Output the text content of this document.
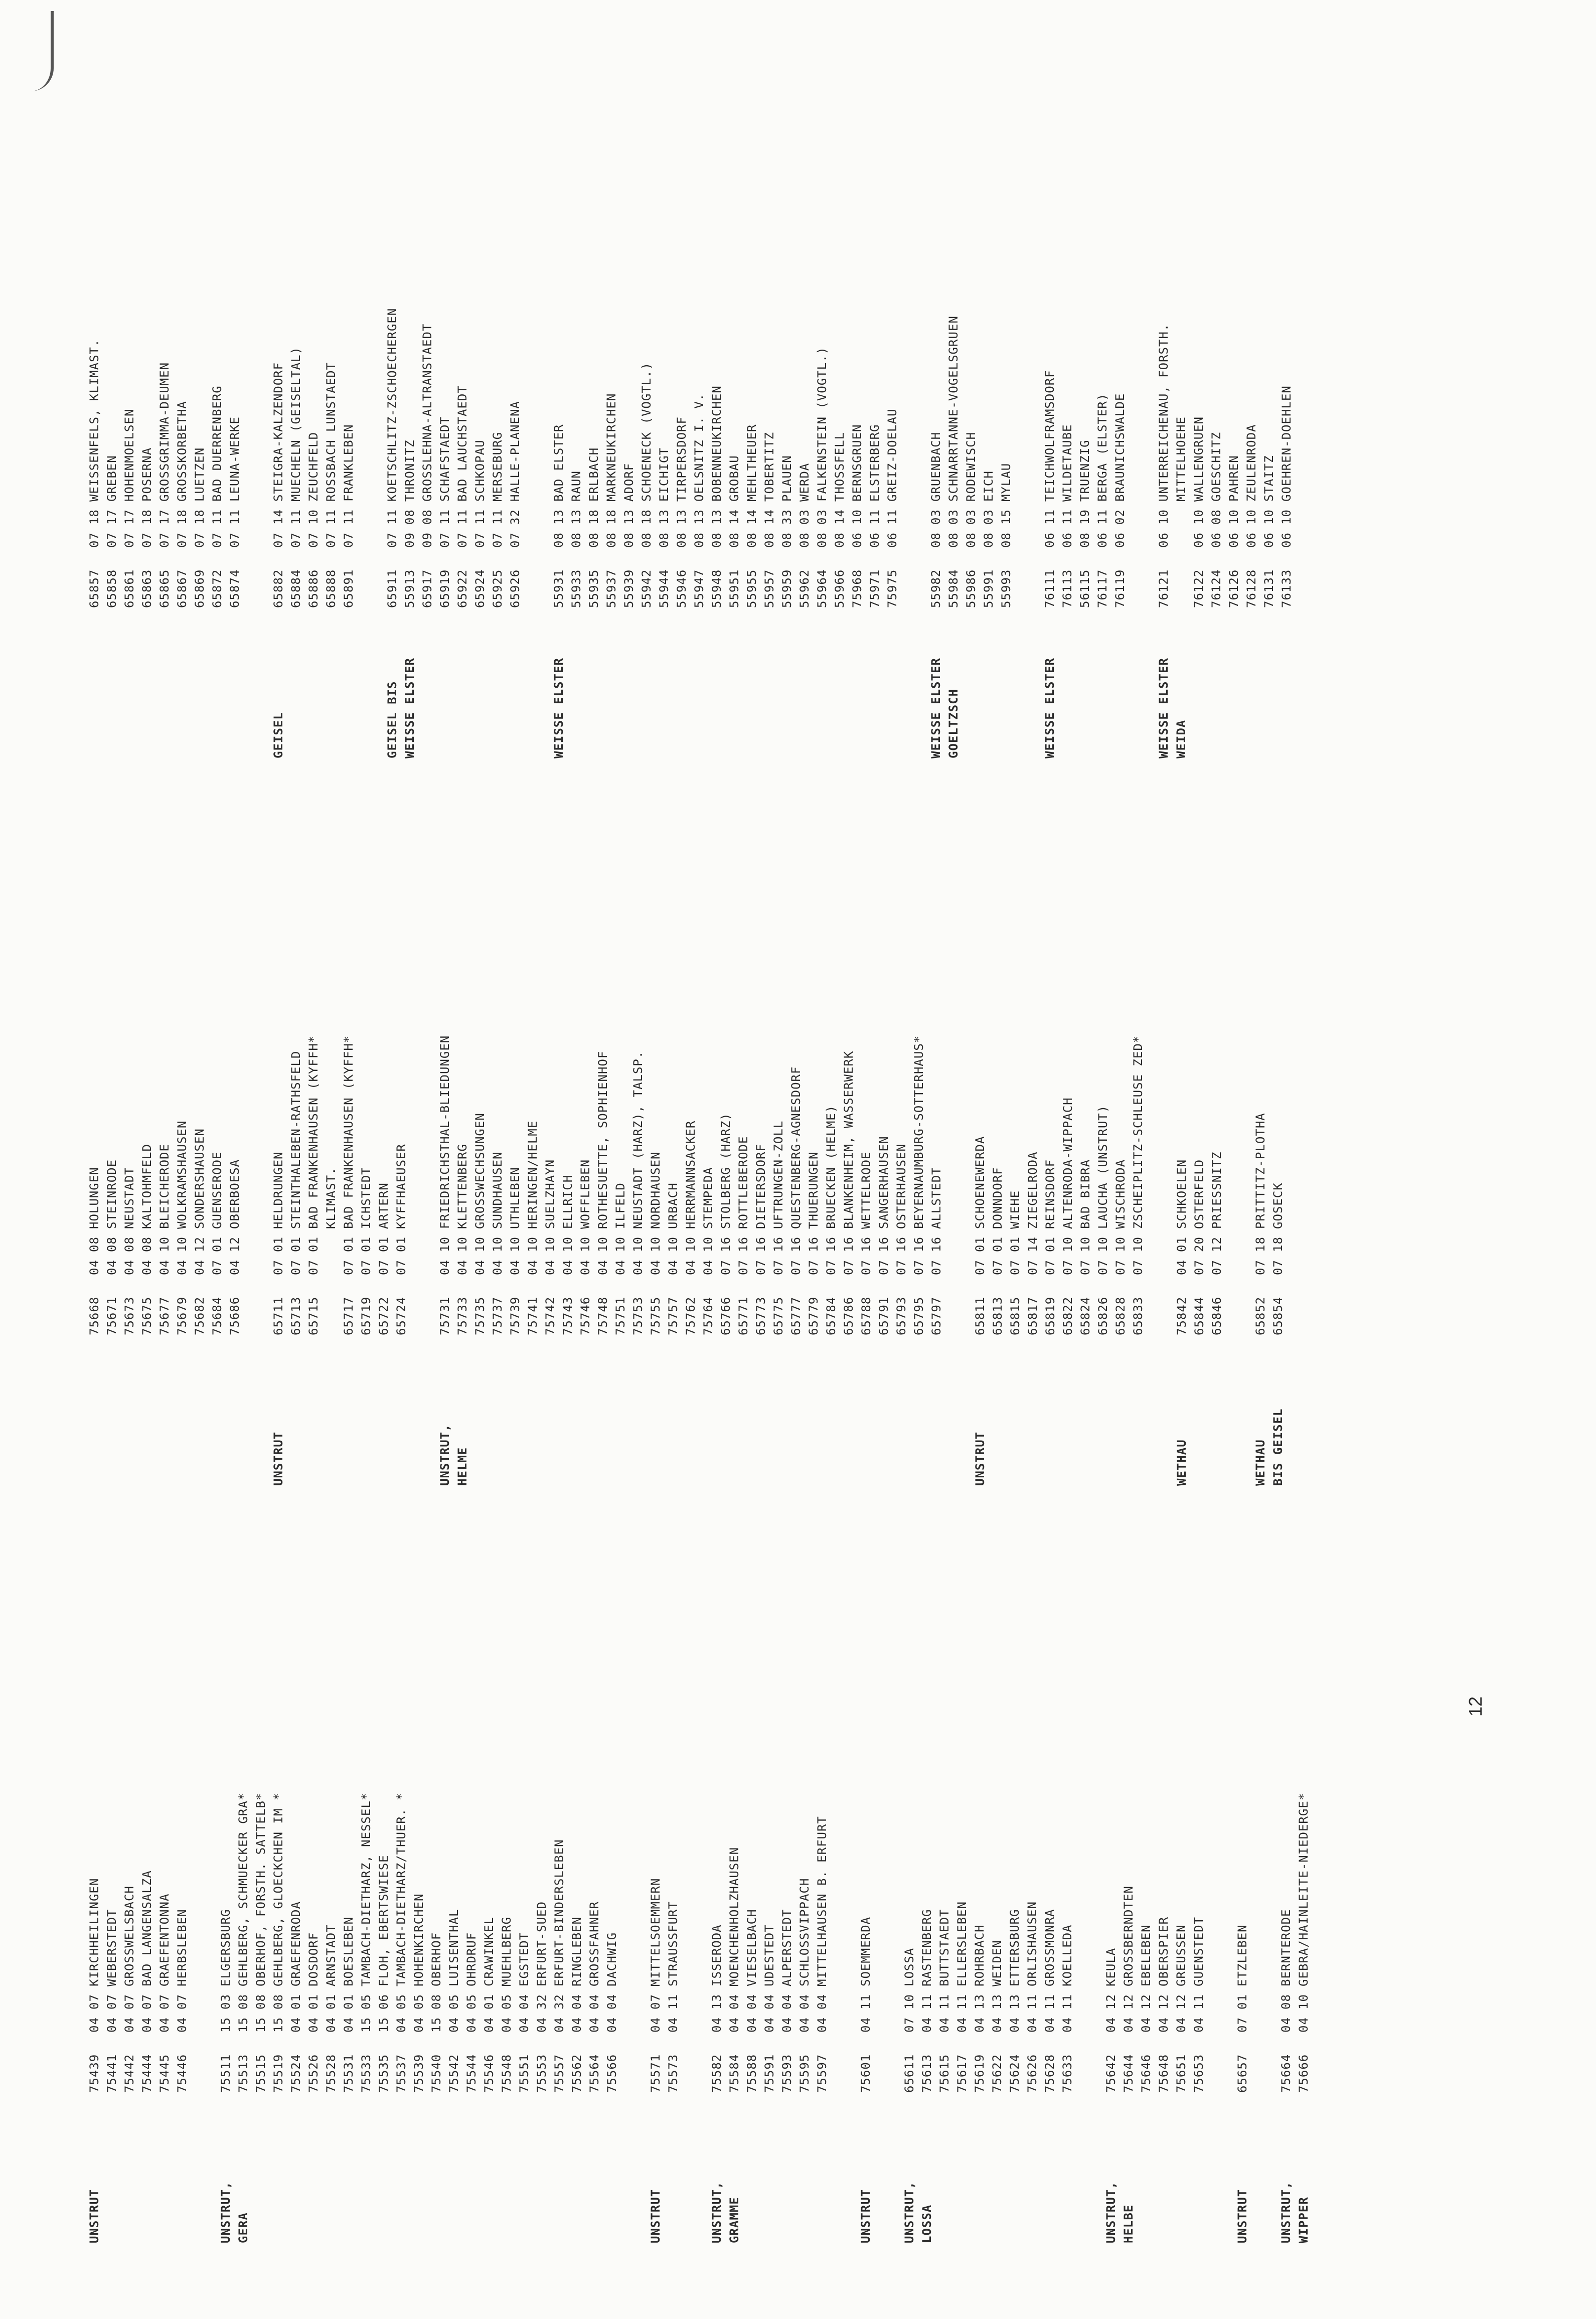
UNSTRUT
75439
04
07
KIRCHHEILINGEN
75441
04
07
WEBERSTEDT
75442
04
07
GROSSWELSBACH
75444
04
07
BAD LANGENSALZA
75445
04
07
GRAEFENTONNA
75446
04
07
HERBSLEBEN
UNSTRUT,
GERA
75511
15
03
ELGERSBURG
75513
15
08
GEHLBERG, SCHMUECKER GRA*
75515
15
08
OBERHOF, FORSTH. SATTELB*
75519
15
08
GEHLBERG, GLOECKCHEN IM *
75524
04
01
GRAEFENRODA
75526
04
01
DOSDORF
75528
04
01
ARNSTADT
75531
04
01
BOESLEBEN
75533
15
05
TAMBACH-DIETHARZ, NESSEL*
75535
15
06
FLOH, EBERTSWIESE
75537
04
05
TAMBACH-DIETHARZ/THUER. *
75539
04
05
HOHENKIRCHEN
75540
15
08
OBERHOF
75542
04
05
LUISENTHAL
75544
04
05
OHRDRUF
75546
04
01
CRAWINKEL
75548
04
05
MUEHLBERG
75551
04
04
EGSTEDT
75553
04
32
ERFURT-SUED
75557
04
32
ERFURT-BINDERSLEBEN
75562
04
04
RINGLEBEN
75564
04
04
GROSSFAHNER
75566
04
04
DACHWIG
UNSTRUT
75571
04
07
MITTELSOEMMERN
75573
04
11
STRAUSSFURT
UNSTRUT,
GRAMME
75582
04
13
ISSERODA
75584
04
04
MOENCHENHOLZHAUSEN
75588
04
04
VIESELBACH
75591
04
04
UDESTEDT
75593
04
04
ALPERSTEDT
75595
04
04
SCHLOSSVIPPACH
75597
04
04
MITTELHAUSEN B. ERFURT
UNSTRUT
75601
04
11
SOEMMERDA
UNSTRUT,
LOSSA
65611
07
10
LOSSA
75613
04
11
RASTENBERG
75615
04
11
BUTTSTAEDT
75617
04
11
ELLERSLEBEN
75619
04
13
ROHRBACH
75622
04
13
WEIDEN
75624
04
13
ETTERSBURG
75626
04
11
ORLISHAUSEN
75628
04
11
GROSSMONRA
75633
04
11
KOELLEDA
UNSTRUT,
HELBE
75642
04
12
KEULA
75644
04
12
GROSSBERNDTEN
75646
04
12
EBELEBEN
75648
04
12
OBERSPIER
75651
04
12
GREUSSEN
75653
04
11
GUENSTEDT
UNSTRUT
65657
07
01
ETZLEBEN
UNSTRUT,
WIPPER
75664
04
08
BERNTERODE
75666
04
10
GEBRA/HAINLEITE-NIEDERGE*
75668
04
08
HOLUNGEN
75671
04
08
STEINRODE
75673
04
08
NEUSTADT
75675
04
08
KALTOHMFELD
75677
04
10
BLEICHERODE
75679
04
10
WOLKRAMSHAUSEN
75682
04
12
SONDERSHAUSEN
75684
07
01
GUENSERODE
75686
04
12
OBERBOESA
UNSTRUT
65711
07
01
HELDRUNGEN
65713
07
01
STEINTHALEBEN-RATHSFELD
65715
07
01
BAD FRANKENHAUSEN (KYFFH* KLIMAST.
65717
07
01
BAD FRANKENHAUSEN (KYFFH*
65719
07
01
ICHSTEDT
65722
07
01
ARTERN
65724
07
01
KYFFHAEUSER
UNSTRUT,
HELME
75731
04
10
FRIEDRICHSTHAL-BLIEDUNGEN
75733
04
10
KLETTENBERG
75735
04
10
GROSSWECHSUNGEN
75737
04
10
SUNDHAUSEN
75739
04
10
UTHLEBEN
75741
04
10
HERINGEN/HELME
75742
04
10
SUELZHAYN
75743
04
10
ELLRICH
75746
04
10
WOFFLEBEN
75748
04
10
ROTHESUETTE, SOPHIENHOF
75751
04
10
ILFELD
75753
04
10
NEUSTADT (HARZ), TALSP.
75755
04
10
NORDHAUSEN
75757
04
10
URBACH
75762
04
10
HERRMANNSACKER
75764
04
10
STEMPEDA
65766
07
16
STOLBERG (HARZ)
65771
07
16
ROTTLEBERODE
65773
07
16
DIETERSDORF
65775
07
16
UFTRUNGEN-ZOLL
65777
07
16
QUESTENBERG-AGNESDORF
65779
07
16
THUERUNGEN
65784
07
16
BRUECKEN (HELME)
65786
07
16
BLANKENHEIM, WASSERWERK
65788
07
16
WETTELRODE
65791
07
16
SANGERHAUSEN
65793
07
16
OSTERHAUSEN
65795
07
16
BEYERNAUMBURG-SOTTERHAUS*
65797
07
16
ALLSTEDT
UNSTRUT
65811
07
01
SCHOENEWERDA
65813
07
01
DONNDORF
65815
07
01
WIEHE
65817
07
14
ZIEGELRODA
65819
07
01
REINSDORF
65822
07
10
ALTENRODA-WIPPACH
65824
07
10
BAD BIBRA
65826
07
10
LAUCHA (UNSTRUT)
65828
07
10
WISCHRODA
65833
07
10
ZSCHEIPLITZ-SCHLEUSE ZED*
WETHAU
75842
04
01
SCHKOELEN
65844
07
20
OSTERFELD
65846
07
12
PRIESSNITZ
WETHAU
BIS GEISEL
65852
07
18
PRITTITZ-PLOTHA
65854
07
18
GOSECK
65857
07
18
WEISSENFELS, KLIMAST.
65858
07
17
GREBEN
65861
07
17
HOHENMOELSEN
65863
07
18
POSERNA
65865
07
17
GROSSGRIMMA-DEUMEN
65867
07
18
GROSSKORBETHA
65869
07
18
LUETZEN
65872
07
11
BAD DUERRENBERG
65874
07
11
LEUNA-WERKE
GEISEL
65882
07
14
STEIGRA-KALZENDORF
65884
07
11
MUECHELN (GEISELTAL)
65886
07
10
ZEUCHFELD
65888
07
11
ROSSBACH LUNSTAEDT
65891
07
11
FRANKLEBEN
GEISEL BIS
WEISSE ELSTER
65911
07
11
KOETSCHLITZ-ZSCHOECHERGEN
55913
09
08
THRONITZ
65917
09
08
GROSSLEHNA-ALTRANSTAEDT
65919
07
11
SCHAFSTAEDT
65922
07
11
BAD LAUCHSTAEDT
65924
07
11
SCHKOPAU
65925
07
11
MERSEBURG
65926
07
32
HALLE-PLANENA
WEISSE ELSTER
55931
08
13
BAD ELSTER
55933
08
13
RAUN
55935
08
18
ERLBACH
55937
08
18
MARKNEUKIRCHEN
55939
08
13
ADORF
55942
08
18
SCHOENECK (VOGTL.)
55944
08
13
EICHIGT
55946
08
13
TIRPERSDORF
55947
08
13
OELSNITZ I. V.
55948
08
13
BOBENNEUKIRCHEN
55951
08
14
GROBAU
55955
08
14
MEHLTHEUER
55957
08
14
TOBERTITZ
55959
08
33
PLAUEN
55962
08
03
WERDA
55964
08
03
FALKENSTEIN (VOGTL.)
55966
08
14
THOSSFELL
75968
06
10
BERNSGRUEN
75971
06
11
ELSTERBERG
75975
06
11
GREIZ-DOELAU
WEISSE ELSTER
GOELTZSCH
55982
08
03
GRUENBACH
55984
08
03
SCHNARRTANNE-VOGELSGRUEN
55986
08
03
RODEWISCH
55991
08
03
EICH
55993
08
15
MYLAU
WEISSE ELSTER
76111
06
11
TEICHWOLFRAMSDORF
76113
06
11
WILDETAUBE
56115
08
19
TRUENZIG
76117
06
11
BERGA (ELSTER)
76119
06
02
BRAUNICHSWALDE
WEISSE ELSTER
WEIDA
76121
06
10
UNTERREICHENAU, FORSTH. MITTELHOEHE
76122
06
10
WALLENGRUEN
76124
06
08
GOESCHITZ
76126
06
10
PAHREN
76128
06
10
ZEULENRODA
76131
06
10
STAITZ
76133
06
10
GOEHREN-DOEHLEN
12
